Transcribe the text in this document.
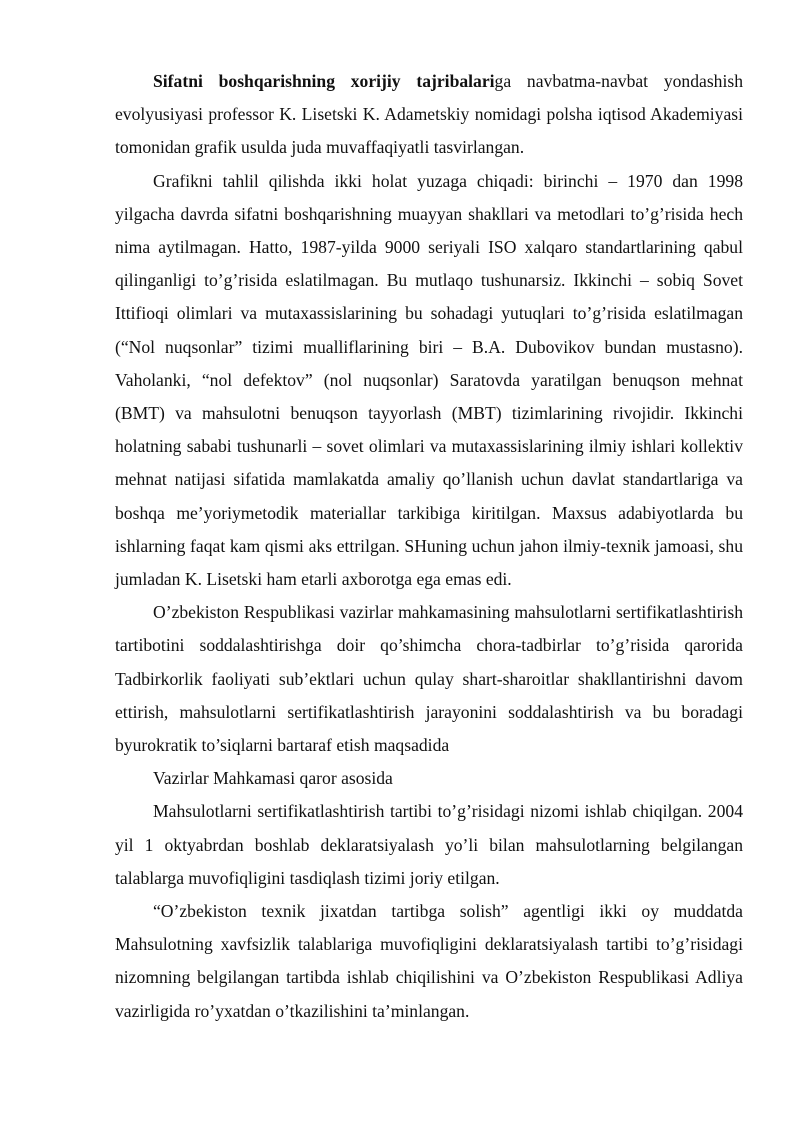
Sifatni boshqarishning xorijiy tajribalariga navbatma-navbat yondashish evolyusiyasi professor K. Lisetski K. Adametskiy nomidagi polsha iqtisod Akademiyasi tomonidan grafik usulda juda muvaffaqiyatli tasvirlangan.

Grafikni tahlil qilishda ikki holat yuzaga chiqadi: birinchi – 1970 dan 1998 yilgacha davrda sifatni boshqarishning muayyan shakllari va metodlari to’g’risida hech nima aytilmagan. Hatto, 1987-yilda 9000 seriyali ISO xalqaro standartlarining qabul qilinganligi to’g’risida eslatilmagan. Bu mutlaqo tushunarsiz. Ikkinchi – sobiq Sovet Ittifioqi olimlari va mutaxassislarining bu sohadagi yutuqlari to’g’risida eslatilmagan (“Nol nuqsonlar” tizimi mualliflarining biri – B.A. Dubovikov bundan mustasno). Vaholanki, “nol defektov” (nol nuqsonlar) Saratovda yaratilgan benuqson mehnat (BMT) va mahsulotni benuqson tayyorlash (MBT) tizimlarining rivojidir. Ikkinchi holatning sababi tushunarli – sovet olimlari va mutaxassislarining ilmiy ishlari kollektiv mehnat natijasi sifatida mamlakatda amaliy qo’llanish uchun davlat standartlariga va boshqa me’yoriymetodik materiallar tarkibiga kiritilgan. Maxsus adabiyotlarda bu ishlarning faqat kam qismi aks ettrilgan. SHuning uchun jahon ilmiy-texnik jamoasi, shu jumladan K. Lisetski ham etarli axborotga ega emas edi.

O’zbekiston Respublikasi vazirlar mahkamasining mahsulotlarni sertifikatlashtirish tartibotini soddalashtirishga doir qo’shimcha chora-tadbirlar to’g’risida qarorida Tadbirkorlik faoliyati sub’ektlari uchun qulay shart-sharoitlar shakllantirishni davom ettirish, mahsulotlarni sertifikatlashtirish jarayonini soddalashtirish va bu boradagi byurokratik to’siqlarni bartaraf etish maqsadida

Vazirlar Mahkamasi qaror asosida

Mahsulotlarni sertifikatlashtirish tartibi to’g’risidagi nizomi ishlab chiqilgan. 2004 yil 1 oktyabrdan boshlab deklaratsiyalash yo’li bilan mahsulotlarning belgilangan talablarga muvofiqligini tasdiqlash tizimi joriy etilgan.

“O’zbekiston texnik jixatdan tartibga solish” agentligi ikki oy muddatda Mahsulotning xavfsizlik talablariga muvofiqligini deklaratsiyalash tartibi to’g’risidagi nizomning belgilangan tartibda ishlab chiqilishini va O’zbekiston Respublikasi Adliya vazirligida ro’yxatdan o’tkazilishini ta’minlangan.
